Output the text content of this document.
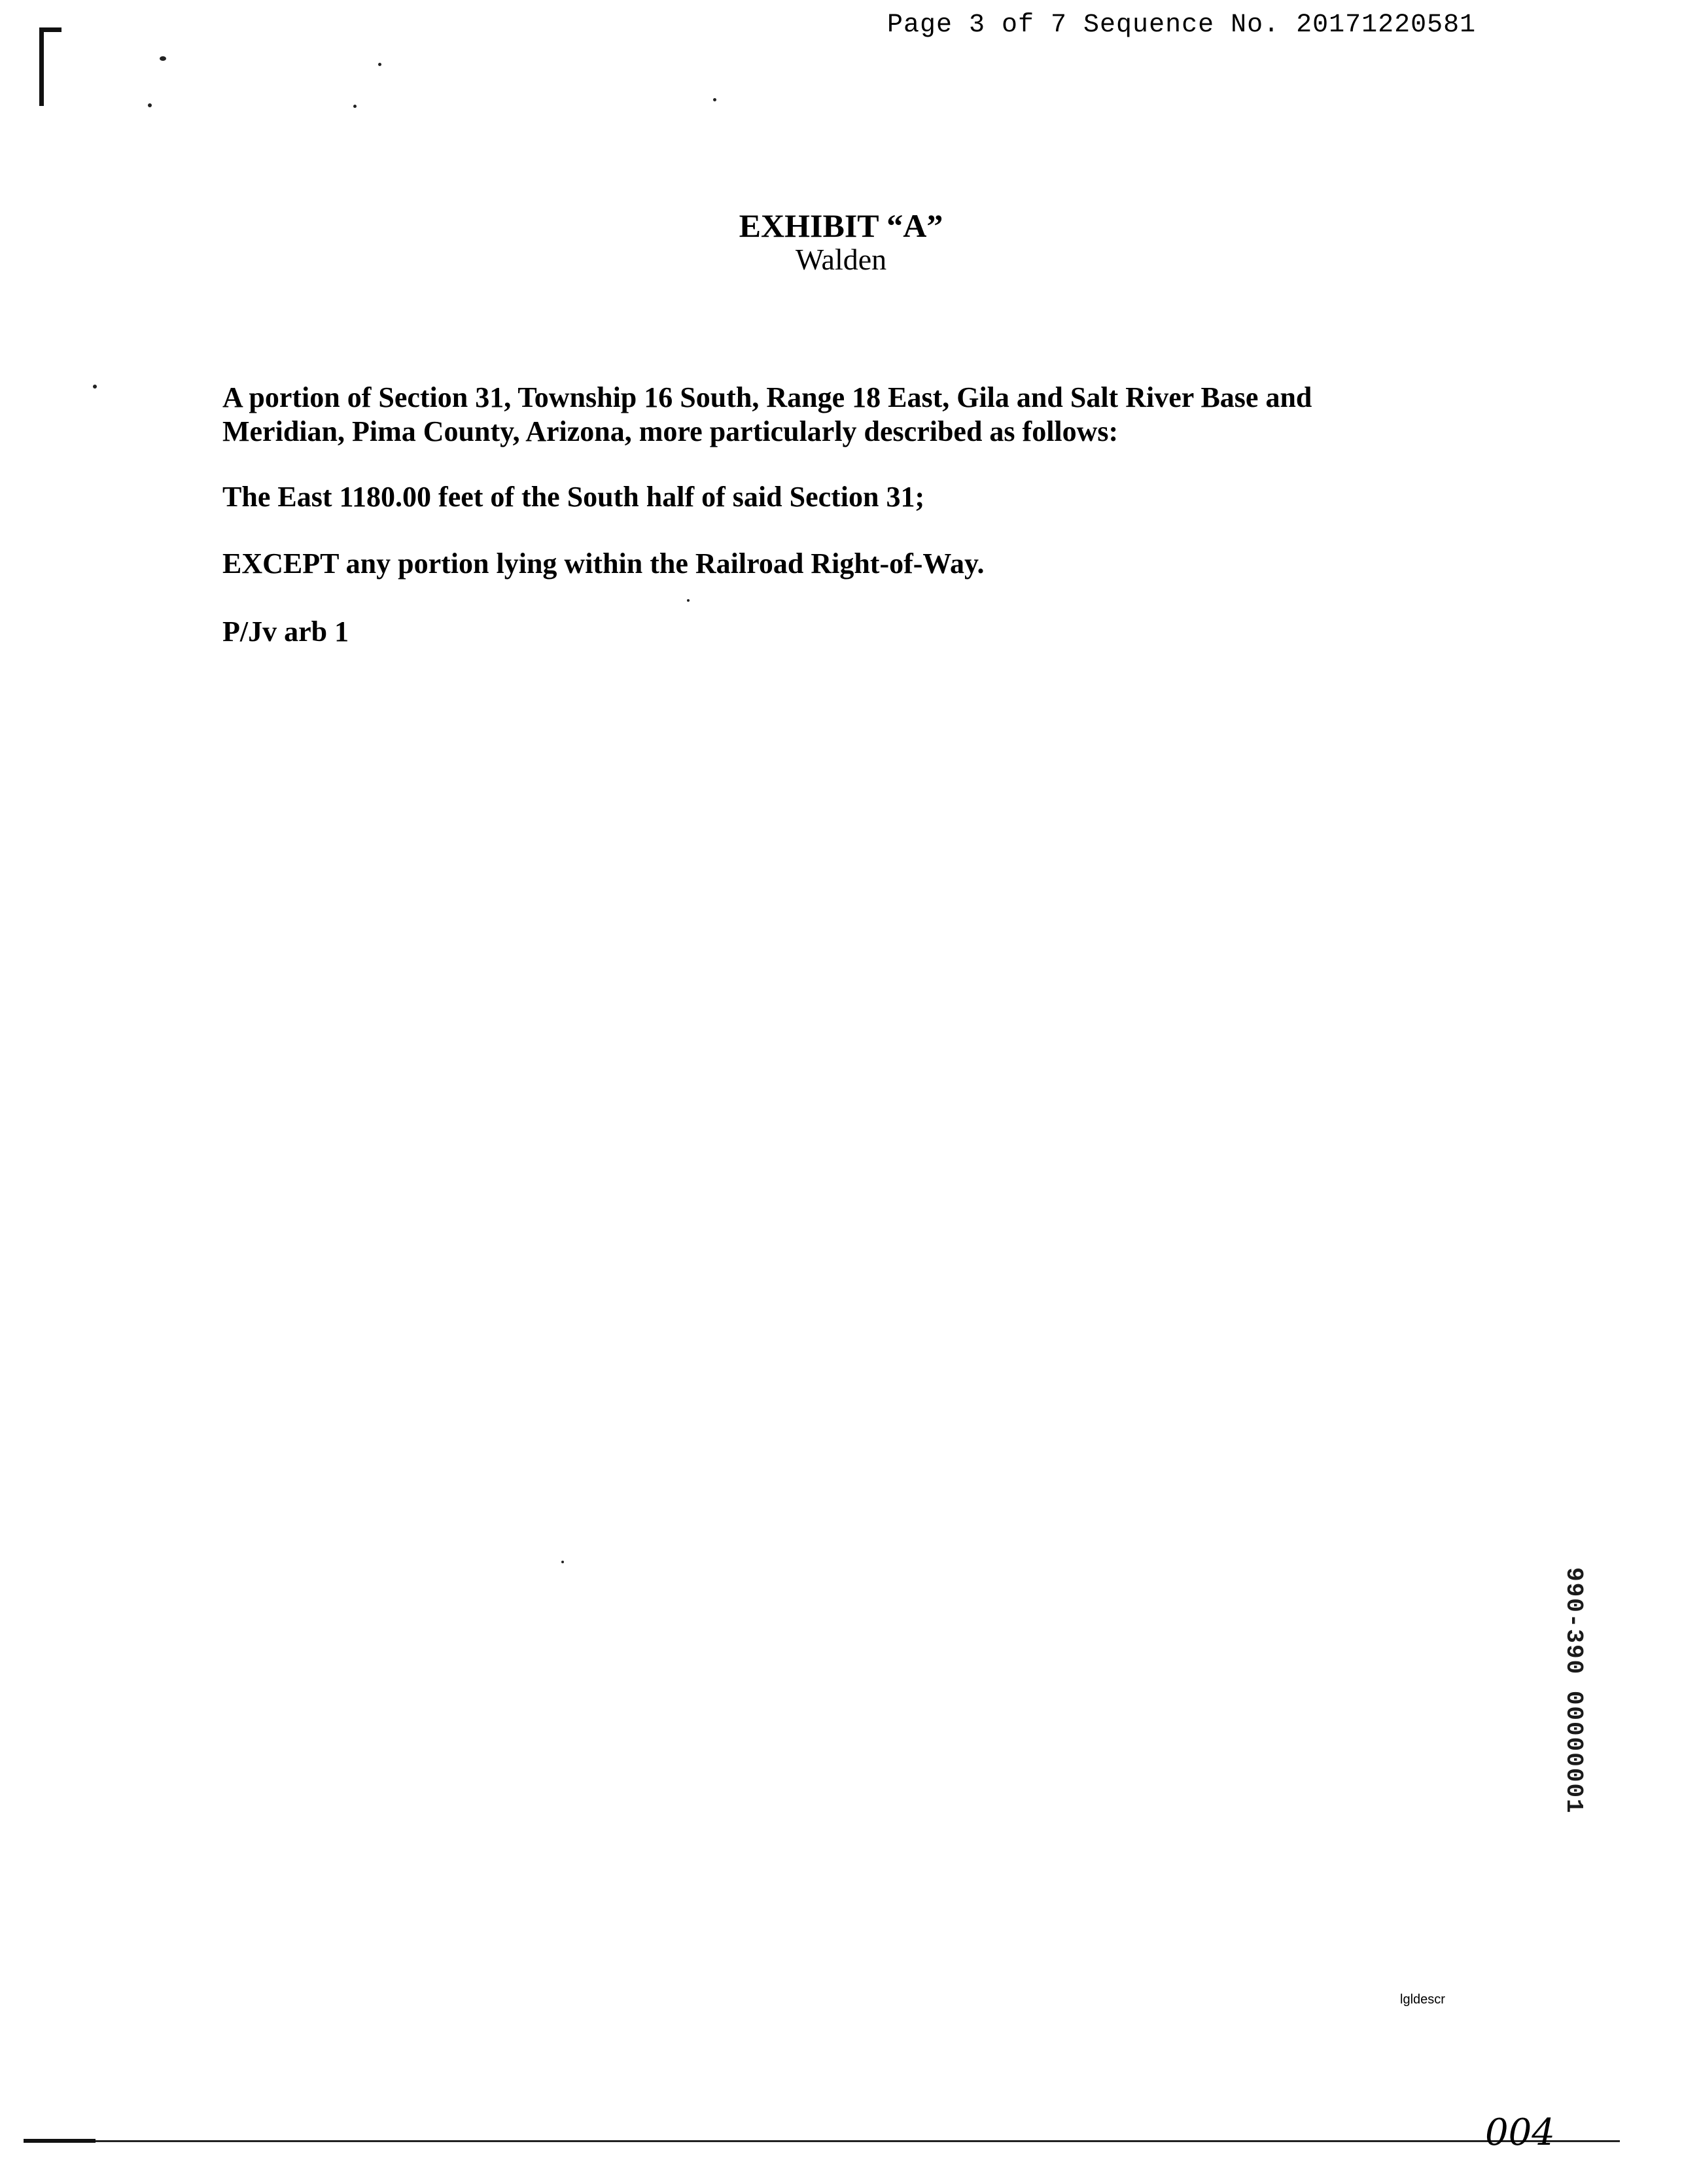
Page 3 of 7 Sequence No. 20171220581
EXHIBIT “A”
Walden

A portion of Section 31, Township 16 South, Range 18 East, Gila and Salt River Base and Meridian, Pima County, Arizona, more particularly described as follows:

The East 1180.00 feet of the South half of said Section 31;

EXCEPT any portion lying within the Railroad Right-of-Way.

P/Jv arb 1

990-390 00000001
lgldescr
004
